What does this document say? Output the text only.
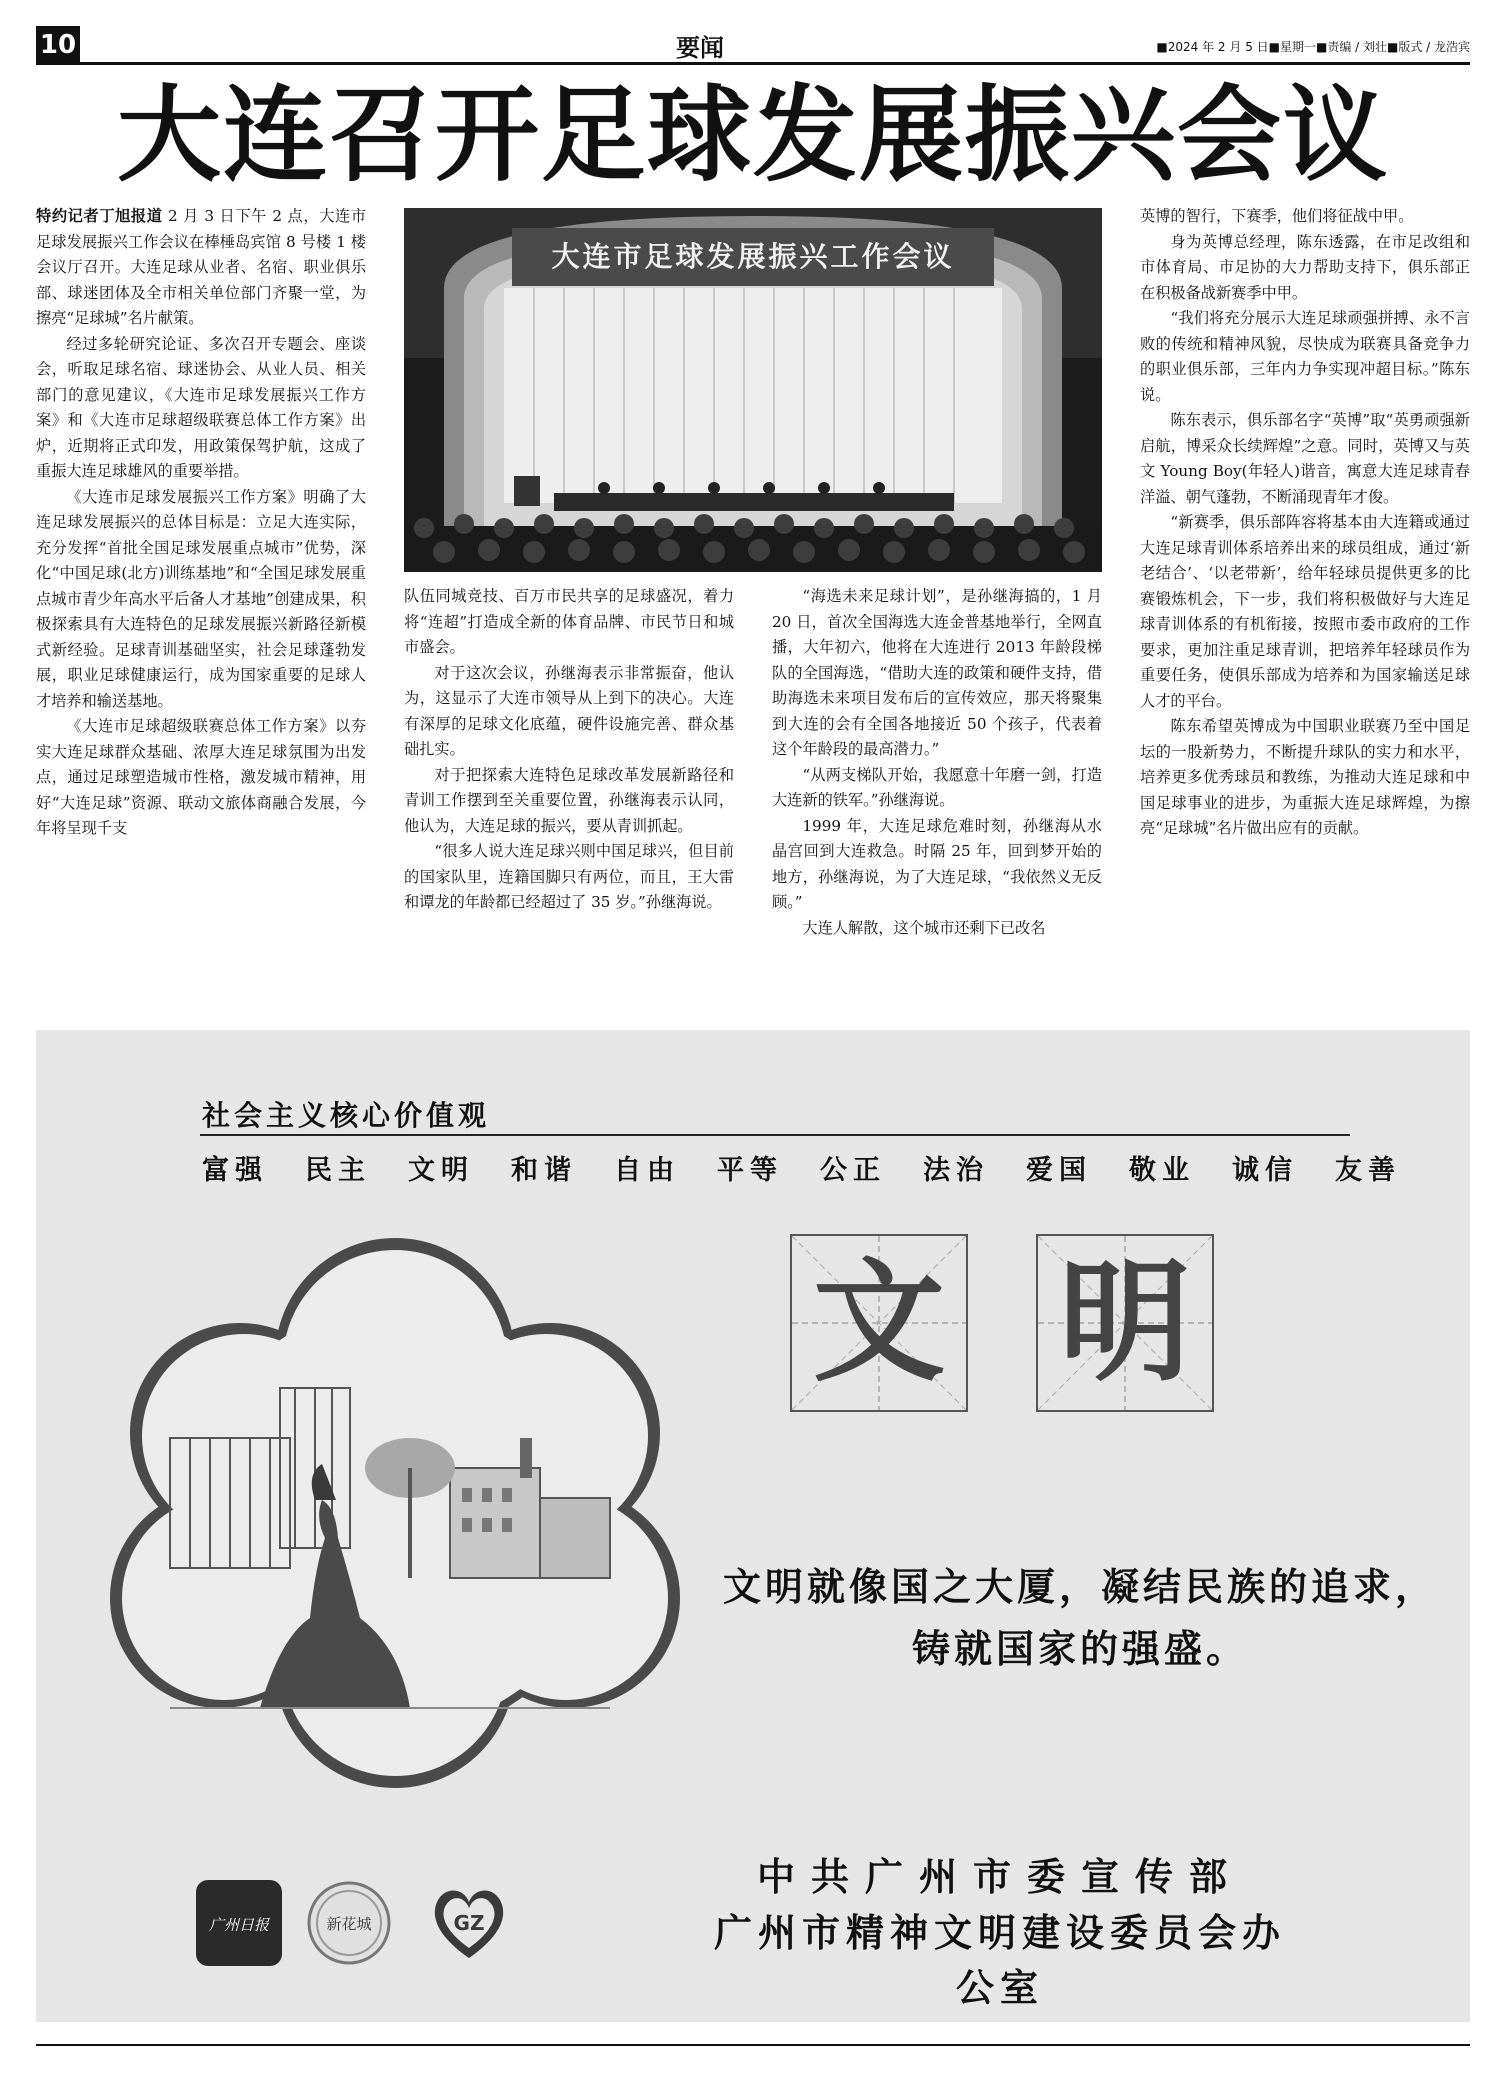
10	要闻	■2024 年 2 月 5 日■星期一■责编 / 刘壮■版式 / 龙浩宾
大连召开足球发展振兴会议

特约记者丁旭报道 2 月 3 日下午 2 点，大连市足球发展振兴工作会议在棒棰岛宾馆 8 号楼 1 楼会议厅召开。大连足球从业者、名宿、职业俱乐部、球迷团体及全市相关单位部门齐聚一堂，为擦亮“足球城”名片献策。

经过多轮研究论证、多次召开专题会、座谈会，听取足球名宿、球迷协会、从业人员、相关部门的意见建议，《大连市足球发展振兴工作方案》和《大连市足球超级联赛总体工作方案》出炉，近期将正式印发，用政策保驾护航，这成了重振大连足球雄风的重要举措。

《大连市足球发展振兴工作方案》明确了大连足球发展振兴的总体目标是：立足大连实际，充分发挥“首批全国足球发展重点城市”优势，深化“中国足球(北方)训练基地”和“全国足球发展重点城市青少年高水平后备人才基地”创建成果，积极探索具有大连特色的足球发展振兴新路径新模式新经验。足球青训基础坚实，社会足球蓬勃发展，职业足球健康运行，成为国家重要的足球人才培养和输送基地。

《大连市足球超级联赛总体工作方案》以夯实大连足球群众基础、浓厚大连足球氛围为出发点，通过足球塑造城市性格，激发城市精神，用好“大连足球”资源、联动文旅体商融合发展，今年将呈现千支

大连市足球发展振兴工作会议

队伍同城竞技、百万市民共享的足球盛况，着力将“连超”打造成全新的体育品牌、市民节日和城市盛会。

对于这次会议，孙继海表示非常振奋，他认为，这显示了大连市领导从上到下的决心。大连有深厚的足球文化底蕴，硬件设施完善、群众基础扎实。

对于把探索大连特色足球改革发展新路径和青训工作摆到至关重要位置，孙继海表示认同，他认为，大连足球的振兴，要从青训抓起。

“很多人说大连足球兴则中国足球兴，但目前的国家队里，连籍国脚只有两位，而且，王大雷和谭龙的年龄都已经超过了 35 岁。”孙继海说。

“海选未来足球计划”，是孙继海搞的，1 月 20 日，首次全国海选大连金普基地举行，全网直播，大年初六，他将在大连进行 2013 年龄段梯队的全国海选，“借助大连的政策和硬件支持，借助海选未来项目发布后的宣传效应，那天将聚集到大连的会有全国各地接近 50 个孩子，代表着这个年龄段的最高潜力。”

“从两支梯队开始，我愿意十年磨一剑，打造大连新的铁军。”孙继海说。

1999 年，大连足球危难时刻，孙继海从水晶宫回到大连救急。时隔 25 年，回到梦开始的地方，孙继海说，为了大连足球，“我依然义无反顾。”

大连人解散，这个城市还剩下已改名

英博的智行，下赛季，他们将征战中甲。

身为英博总经理，陈东透露，在市足改组和市体育局、市足协的大力帮助支持下，俱乐部正在积极备战新赛季中甲。

“我们将充分展示大连足球顽强拼搏、永不言败的传统和精神风貌，尽快成为联赛具备竞争力的职业俱乐部，三年内力争实现冲超目标。”陈东说。

陈东表示，俱乐部名字“英博”取“英勇顽强新启航，博采众长续辉煌”之意。同时，英博又与英文 Young Boy(年轻人)谐音，寓意大连足球青春洋溢、朝气蓬勃，不断涌现青年才俊。

“新赛季，俱乐部阵容将基本由大连籍或通过大连足球青训体系培养出来的球员组成，通过‘新老结合’、‘以老带新’，给年轻球员提供更多的比赛锻炼机会，下一步，我们将积极做好与大连足球青训体系的有机衔接，按照市委市政府的工作要求，更加注重足球青训，把培养年轻球员作为重要任务，使俱乐部成为培养和为国家输送足球人才的平台。

陈东希望英博成为中国职业联赛乃至中国足坛的一股新势力，不断提升球队的实力和水平，培养更多优秀球员和教练，为推动大连足球和中国足球事业的进步，为重振大连足球辉煌，为擦亮“足球城”名片做出应有的贡献。

社会主义核心价值观
富强 民主 文明 和谐 自由 平等 公正 法治 爱国 敬业 诚信 友善
文 明
文明就像国之大厦，凝结民族的追求，
铸就国家的强盛。
中共广州市委宣传部
广州市精神文明建设委员会办公室
广州日报	新花城	GZ
